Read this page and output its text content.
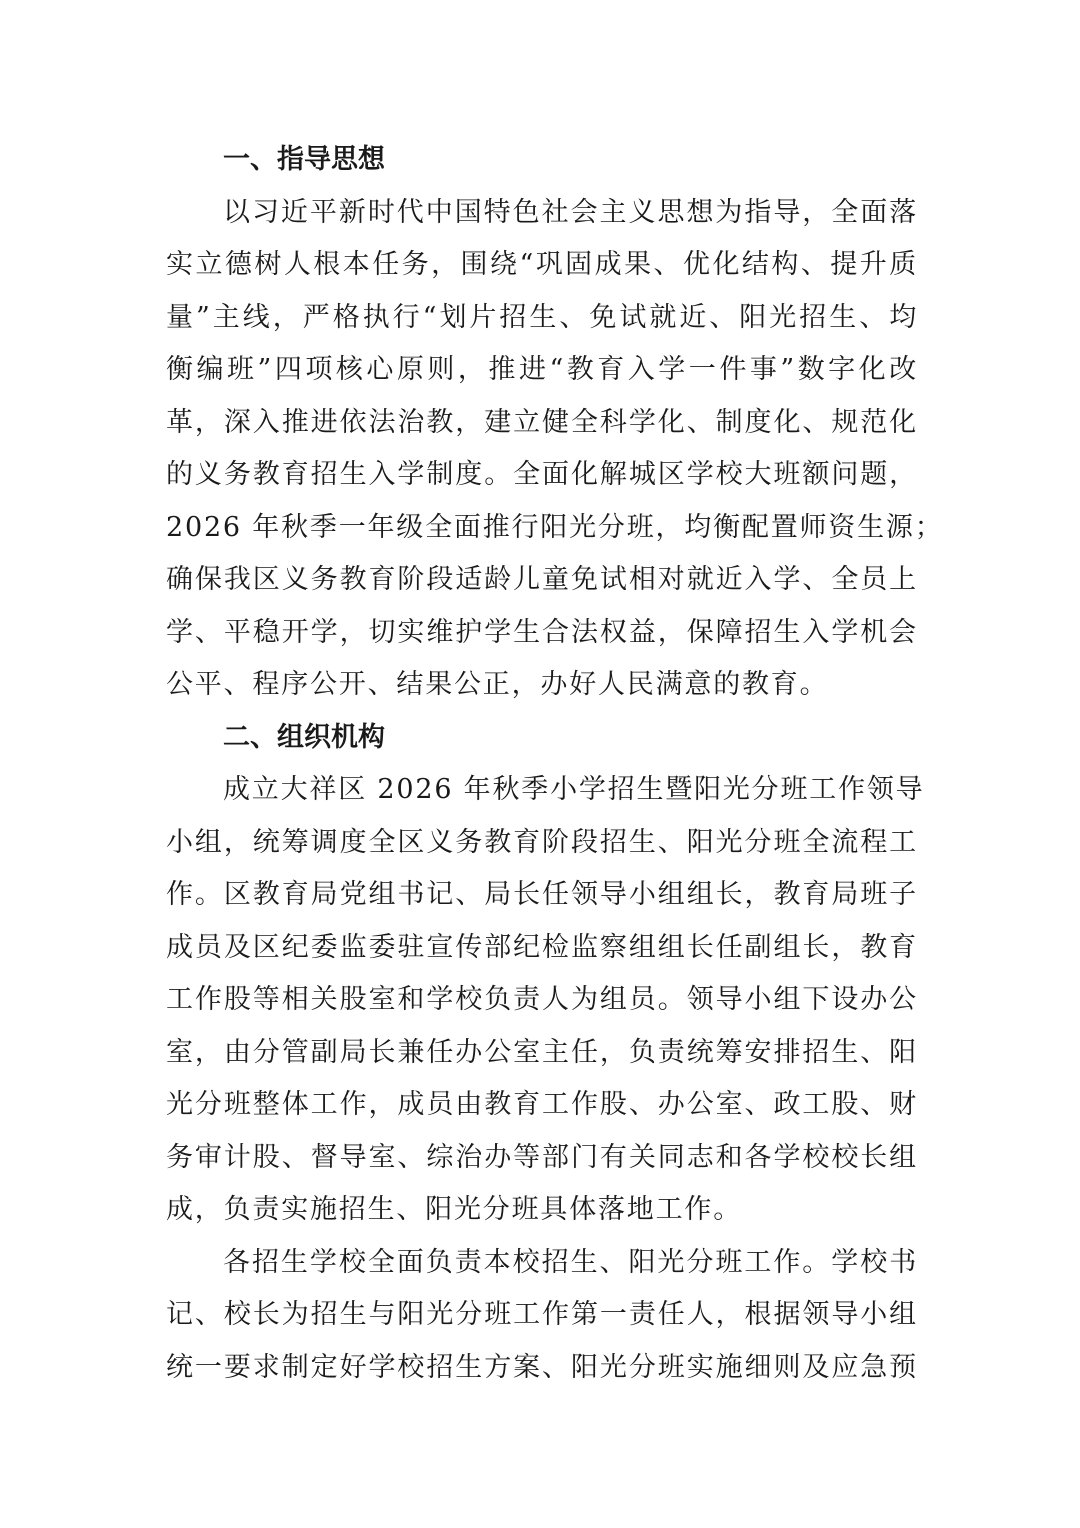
一、指导思想

以习近平新时代中国特色社会主义思想为指导，全面落
实立德树人根本任务，围绕“巩固成果、优化结构、提升质
量”主线，严格执行“划片招生、免试就近、阳光招生、均
衡编班”四项核心原则，推进“教育入学一件事”数字化改
革，深入推进依法治教，建立健全科学化、制度化、规范化
的义务教育招生入学制度。全面化解城区学校大班额问题，
2026 年秋季一年级全面推行阳光分班，均衡配置师资生源；
确保我区义务教育阶段适龄儿童免试相对就近入学、全员上
学、平稳开学，切实维护学生合法权益，保障招生入学机会
公平、程序公开、结果公正，办好人民满意的教育。

二、组织机构

成立大祥区 2026 年秋季小学招生暨阳光分班工作领导
小组，统筹调度全区义务教育阶段招生、阳光分班全流程工
作。区教育局党组书记、局长任领导小组组长，教育局班子
成员及区纪委监委驻宣传部纪检监察组组长任副组长，教育
工作股等相关股室和学校负责人为组员。领导小组下设办公
室，由分管副局长兼任办公室主任，负责统筹安排招生、阳
光分班整体工作，成员由教育工作股、办公室、政工股、财
务审计股、督导室、综治办等部门有关同志和各学校校长组
成，负责实施招生、阳光分班具体落地工作。

各招生学校全面负责本校招生、阳光分班工作。学校书
记、校长为招生与阳光分班工作第一责任人，根据领导小组
统一要求制定好学校招生方案、阳光分班实施细则及应急预
